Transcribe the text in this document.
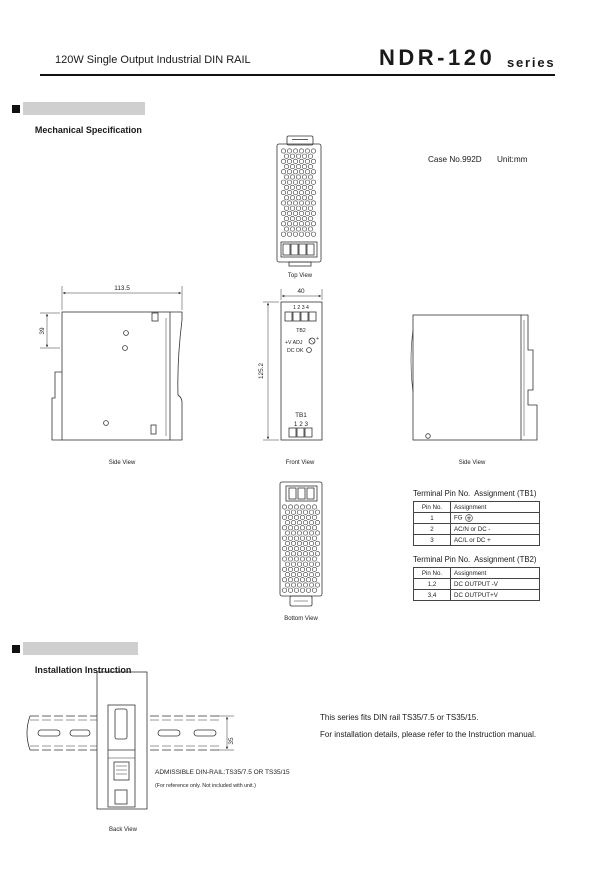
120W Single Output Industrial DIN RAIL	NDR-120 series

Mechanical Specification

Case No.992D Unit:mm
Top View
113.5
39
Side View
40
125.2
1 2 3 4
TB2
+V ADJ
+
DC OK
TB1
1 2 3
Front View	Side View
Bottom View
35
ADMISSIBLE DIN-RAIL:TS35/7.5 OR TS35/15
(For reference only. Not included with unit.)
Back View
Terminal Pin No.  Assignment (TB1)
Pin No.	Assignment
1	FG
2	AC/N or DC -
3	AC/L or DC +
Terminal Pin No.  Assignment (TB2)
Pin No.	Assignment
1,2	DC OUTPUT -V
3,4	DC OUTPUT+V

Installation Instruction

This series fits DIN rail TS35/7.5 or TS35/15.
For installation details, please refer to the Instruction manual.
